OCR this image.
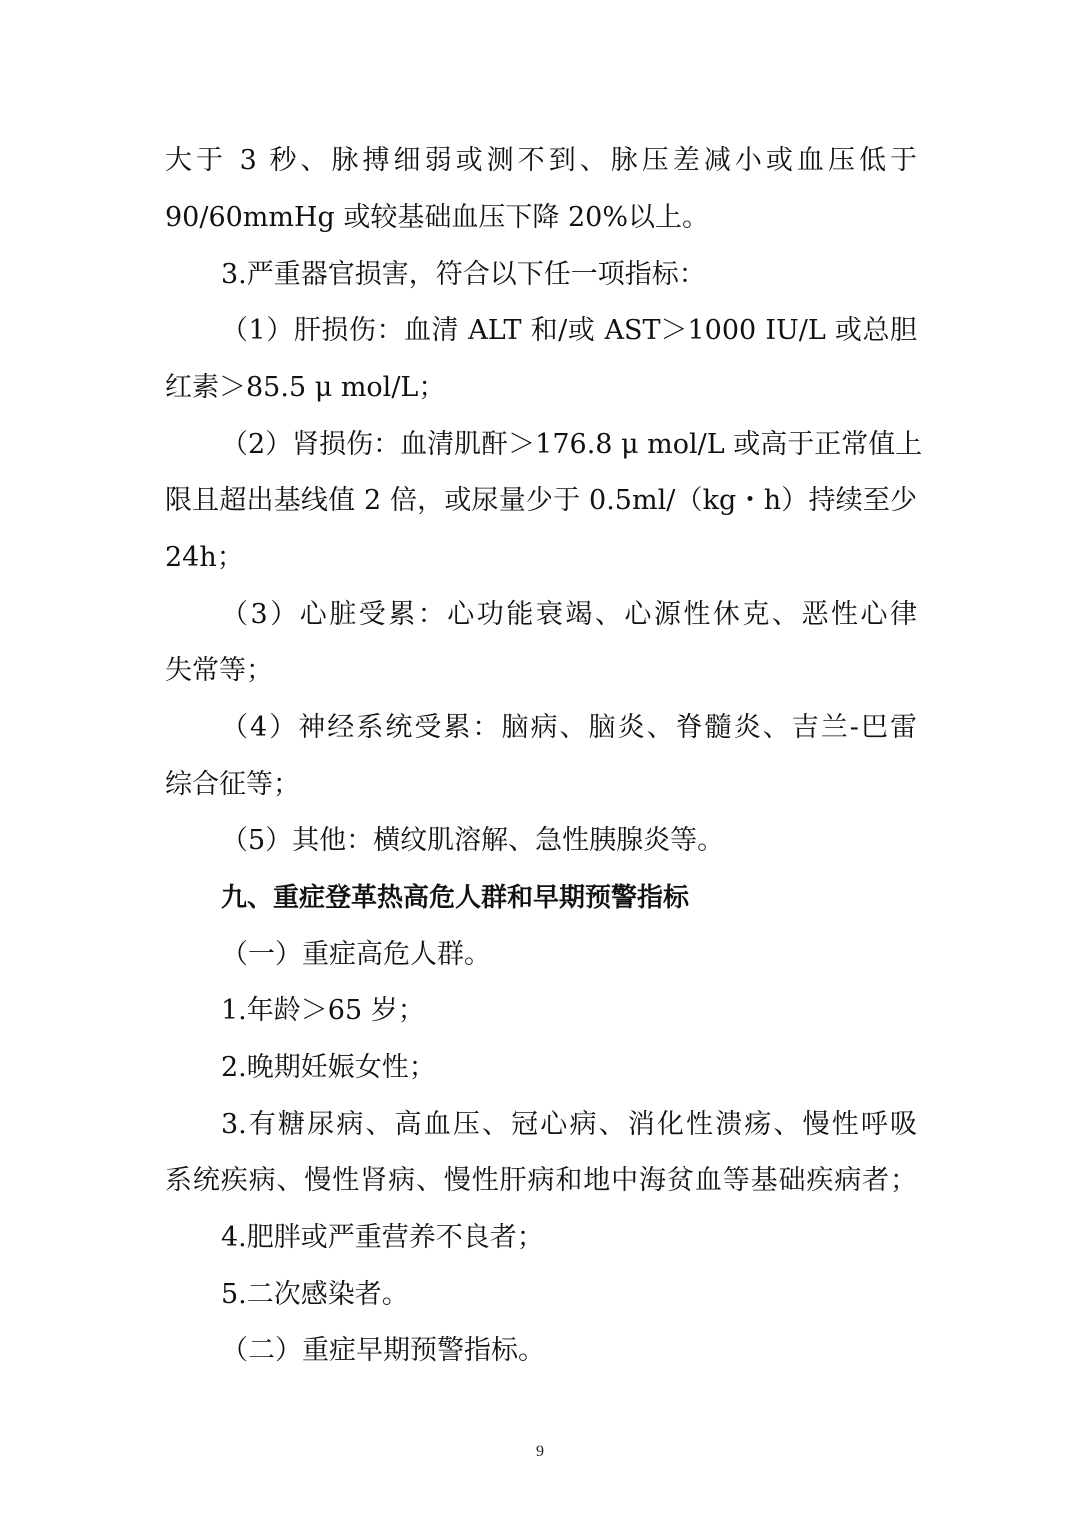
大于 3 秒、脉搏细弱或测不到、脉压差减小或血压低于
90/60mmHg 或较基础血压下降 20%以上。
3.严重器官损害，符合以下任一项指标：
（1）肝损伤：血清 ALT 和/或 AST＞1000 IU/L 或总胆
红素＞85.5 μ mol/L；
（2）肾损伤：血清肌酐＞176.8 μ mol/L 或高于正常值上
限且超出基线值 2 倍，或尿量少于 0.5ml/（kg・h）持续至少
24h；
（3）心脏受累：心功能衰竭、心源性休克、恶性心律
失常等；
（4）神经系统受累：脑病、脑炎、脊髓炎、吉兰-巴雷
综合征等；
（5）其他：横纹肌溶解、急性胰腺炎等。
九、重症登革热高危人群和早期预警指标
（一）重症高危人群。
1.年龄＞65 岁；
2.晚期妊娠女性；
3.有糖尿病、高血压、冠心病、消化性溃疡、慢性呼吸
系统疾病、慢性肾病、慢性肝病和地中海贫血等基础疾病者；
4.肥胖或严重营养不良者；
5.二次感染者。
（二）重症早期预警指标。
9
